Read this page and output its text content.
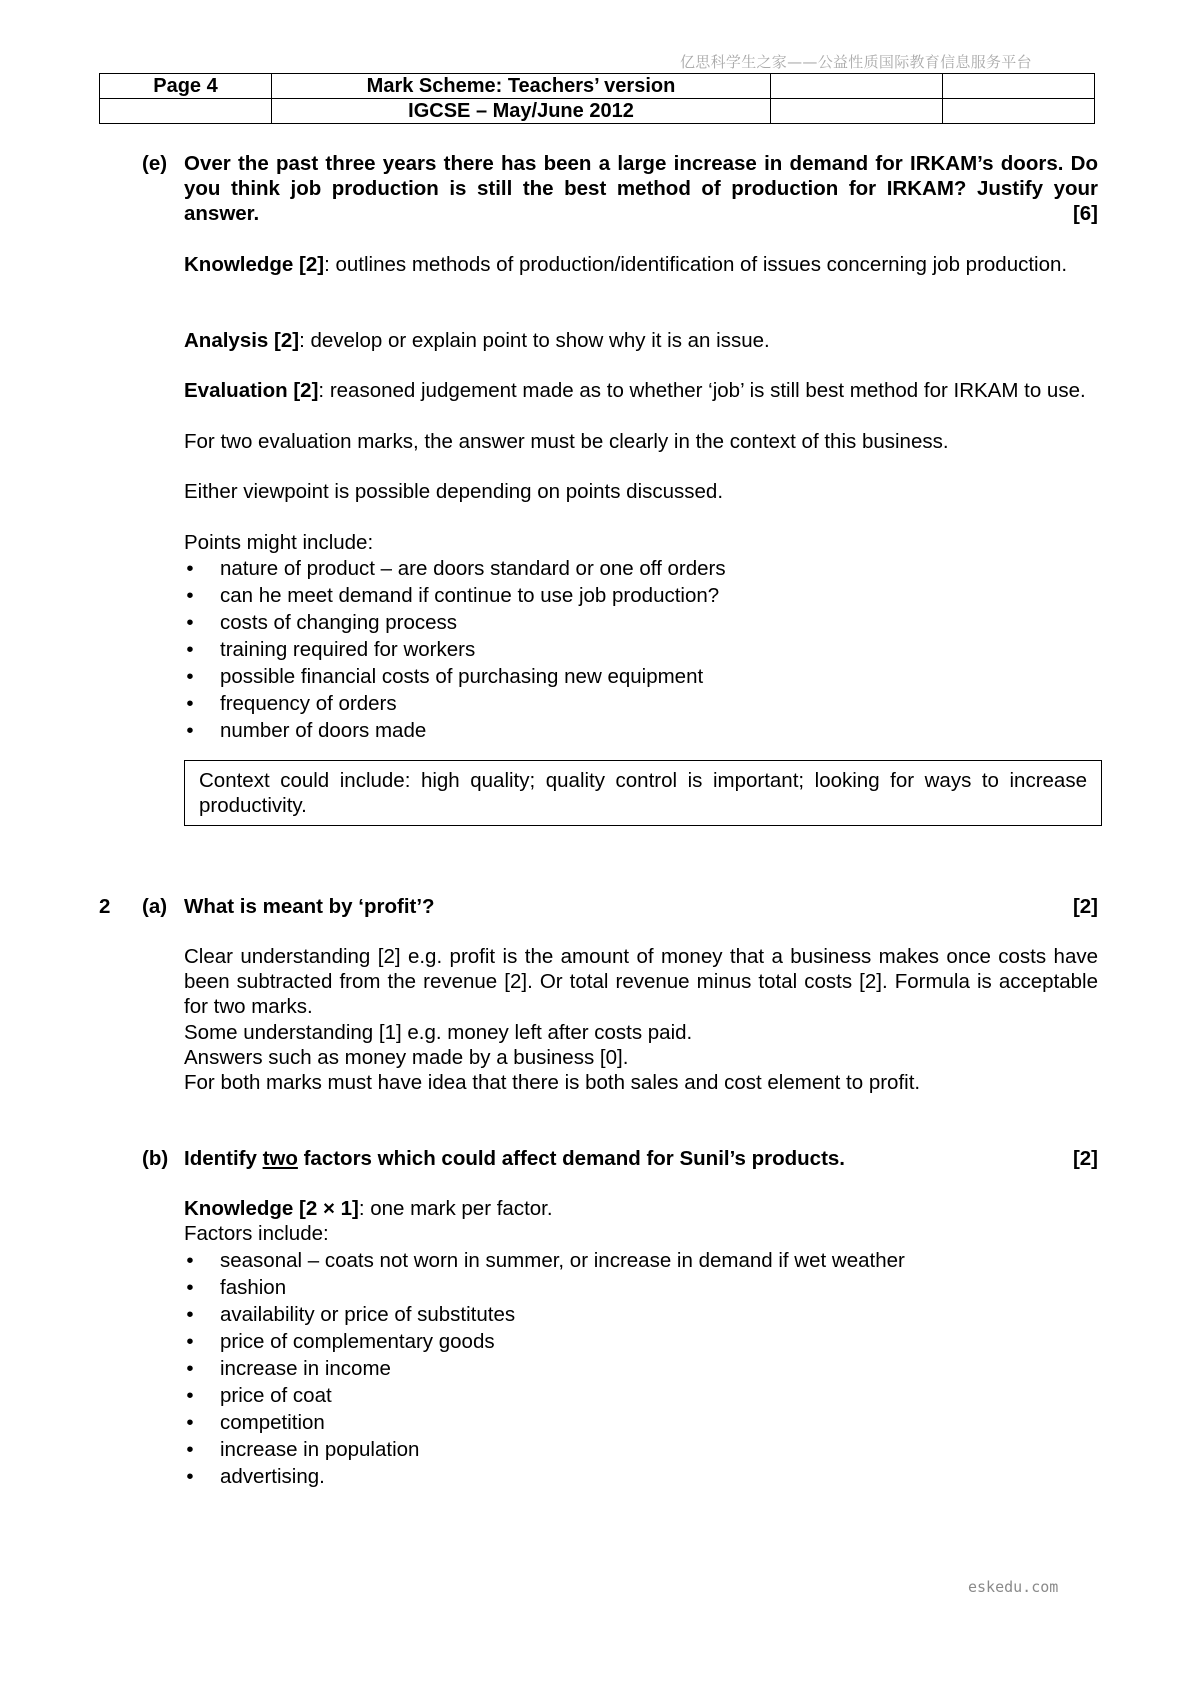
亿思科学生之家——公益性质国际教育信息服务平台
Page 4	Mark Scheme: Teachers’ version		
	IGCSE – May/June 2012		
(e) Over the past three years there has been a large increase in demand for IRKAM’s doors. Do you think job production is still the best method of production for IRKAM? Justify your answer.	[6]
Knowledge [2]: outlines methods of production/identification of issues concerning job production.
Analysis [2]: develop or explain point to show why it is an issue.
Evaluation [2]: reasoned judgement made as to whether ‘job’ is still best method for IRKAM to use.
For two evaluation marks, the answer must be clearly in the context of this business.
Either viewpoint is possible depending on points discussed.
Points might include:
• nature of product – are doors standard or one off orders
• can he meet demand if continue to use job production?
• costs of changing process
• training required for workers
• possible financial costs of purchasing new equipment
• frequency of orders
• number of doors made
Context could include: high quality; quality control is important; looking for ways to increase productivity.
2 (a) What is meant by ‘profit’?	[2]
Clear understanding [2] e.g. profit is the amount of money that a business makes once costs have been subtracted from the revenue [2]. Or total revenue minus total costs [2]. Formula is acceptable for two marks.
Some understanding [1] e.g. money left after costs paid.
Answers such as money made by a business [0].
For both marks must have idea that there is both sales and cost element to profit.
(b) Identify two factors which could affect demand for Sunil’s products.	[2]
Knowledge [2 × 1]: one mark per factor.
Factors include:
• seasonal – coats not worn in summer, or increase in demand if wet weather
• fashion
• availability or price of substitutes
• price of complementary goods
• increase in income
• price of coat
• competition
• increase in population
• advertising.
eskedu.com
